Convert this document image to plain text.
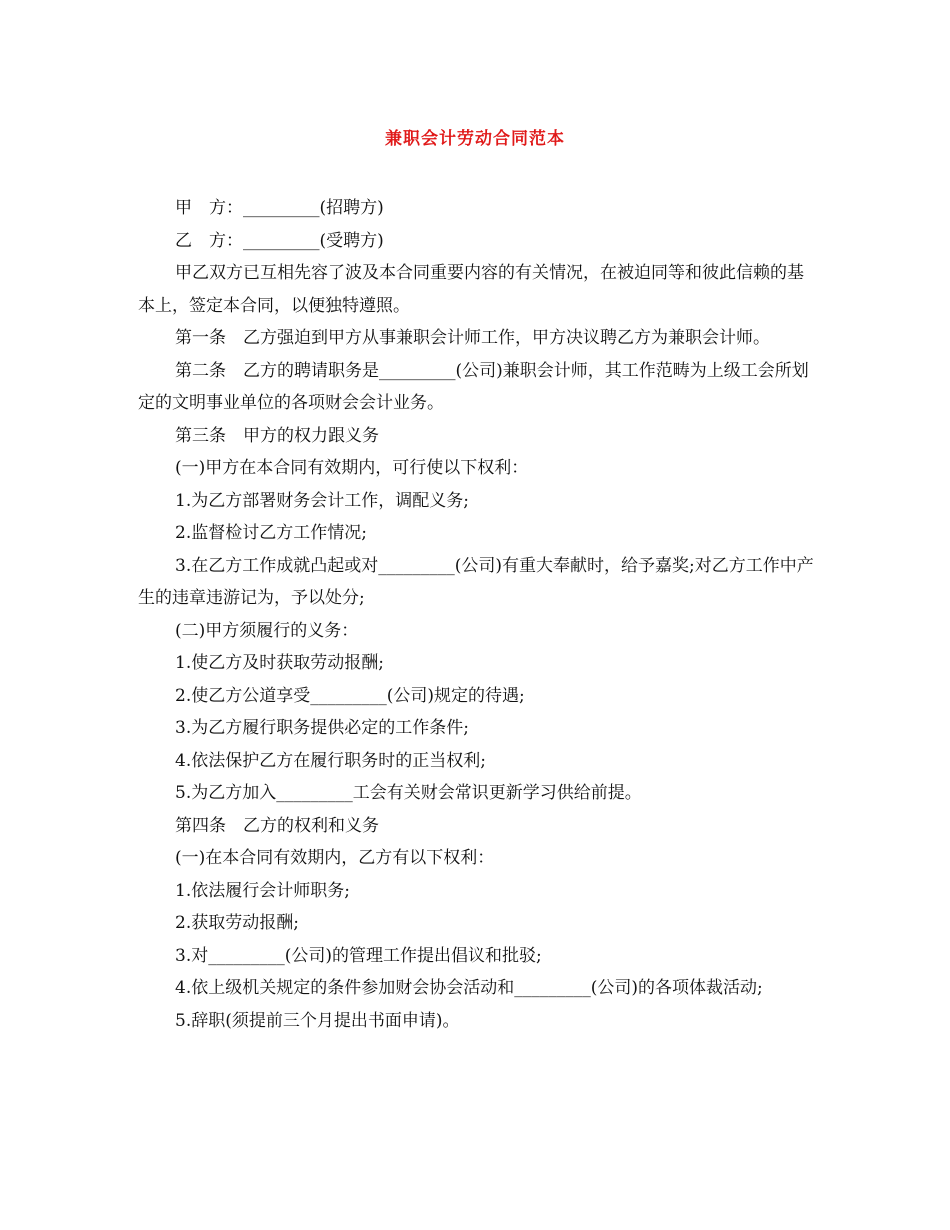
兼职会计劳动合同范本

甲　方：_________(招聘方)

乙　方：_________(受聘方)

甲乙双方已互相先容了波及本合同重要内容的有关情况，在被迫同等和彼此信赖的基本上，签定本合同，以便独特遵照。

第一条　乙方强迫到甲方从事兼职会计师工作，甲方决议聘乙方为兼职会计师。

第二条　乙方的聘请职务是_________(公司)兼职会计师，其工作范畴为上级工会所划定的文明事业单位的各项财会会计业务。

第三条　甲方的权力跟义务

(一)甲方在本合同有效期内，可行使以下权利：

1.为乙方部署财务会计工作，调配义务;

2.监督检讨乙方工作情况;

3.在乙方工作成就凸起或对_________(公司)有重大奉献时，给予嘉奖;对乙方工作中产生的违章违游记为，予以处分;

(二)甲方须履行的义务：

1.使乙方及时获取劳动报酬;

2.使乙方公道享受_________(公司)规定的待遇;

3.为乙方履行职务提供必定的工作条件;

4.依法保护乙方在履行职务时的正当权利;

5.为乙方加入_________工会有关财会常识更新学习供给前提。

第四条　乙方的权利和义务

(一)在本合同有效期内，乙方有以下权利：

1.依法履行会计师职务;

2.获取劳动报酬;

3.对_________(公司)的管理工作提出倡议和批驳;

4.依上级机关规定的条件参加财会协会活动和_________(公司)的各项体裁活动;

5.辞职(须提前三个月提出书面申请)。
